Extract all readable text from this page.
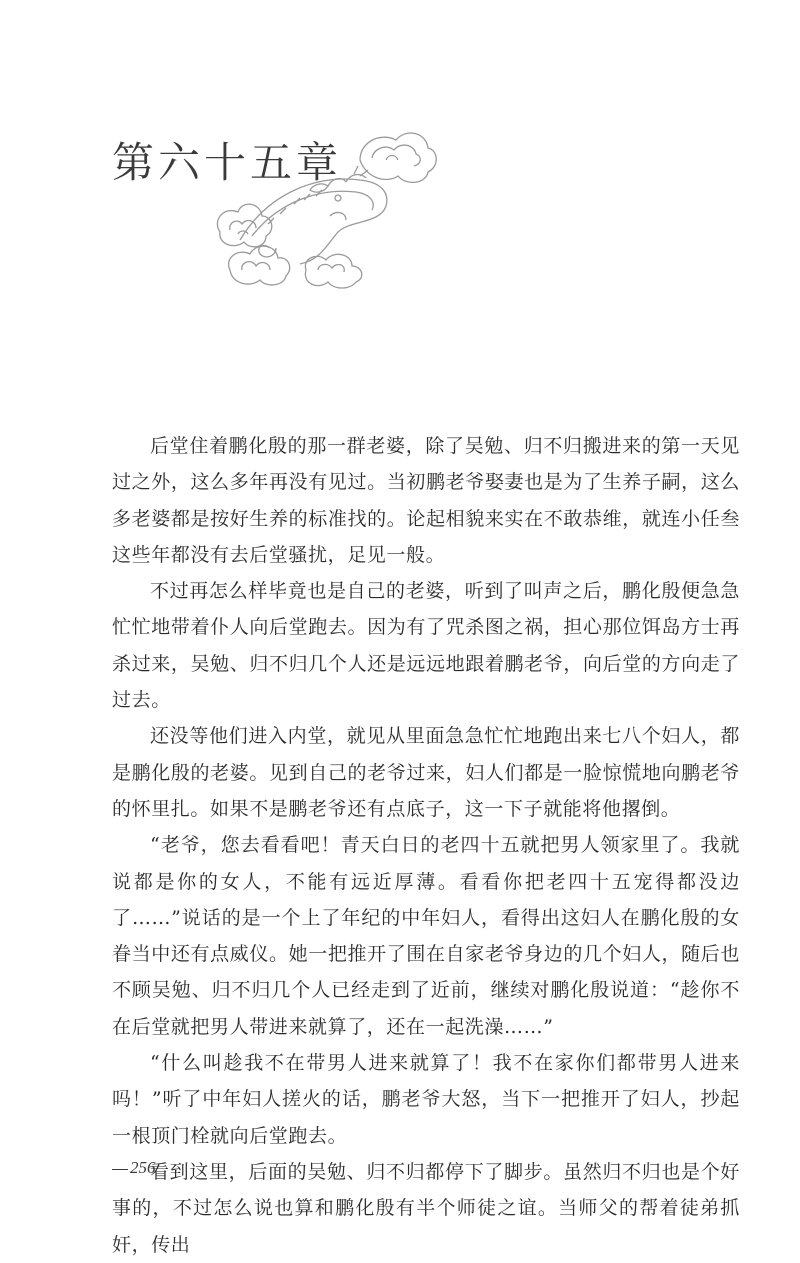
第六十五章

后堂住着鹏化殷的那一群老婆，除了吴勉、归不归搬进来的第一天见过之外，这么多年再没有见过。当初鹏老爷娶妻也是为了生养子嗣，这么多老婆都是按好生养的标准找的。论起相貌来实在不敢恭维，就连小任叁这些年都没有去后堂骚扰，足见一般。

不过再怎么样毕竟也是自己的老婆，听到了叫声之后，鹏化殷便急急忙忙地带着仆人向后堂跑去。因为有了咒杀图之祸，担心那位饵岛方士再杀过来，吴勉、归不归几个人还是远远地跟着鹏老爷，向后堂的方向走了过去。

还没等他们进入内堂，就见从里面急急忙忙地跑出来七八个妇人，都是鹏化殷的老婆。见到自己的老爷过来，妇人们都是一脸惊慌地向鹏老爷的怀里扎。如果不是鹏老爷还有点底子，这一下子就能将他撂倒。

“老爷，您去看看吧！青天白日的老四十五就把男人领家里了。我就说都是你的女人，不能有远近厚薄。看看你把老四十五宠得都没边了……”说话的是一个上了年纪的中年妇人，看得出这妇人在鹏化殷的女眷当中还有点威仪。她一把推开了围在自家老爷身边的几个妇人，随后也不顾吴勉、归不归几个人已经走到了近前，继续对鹏化殷说道：“趁你不在后堂就把男人带进来就算了，还在一起洗澡……”

“什么叫趁我不在带男人进来就算了！我不在家你们都带男人进来吗！”听了中年妇人搓火的话，鹏老爷大怒，当下一把推开了妇人，抄起一根顶门栓就向后堂跑去。

看到这里，后面的吴勉、归不归都停下了脚步。虽然归不归也是个好事的，不过怎么说也算和鹏化殷有半个师徒之谊。当师父的帮着徒弟抓奸，传出

256
